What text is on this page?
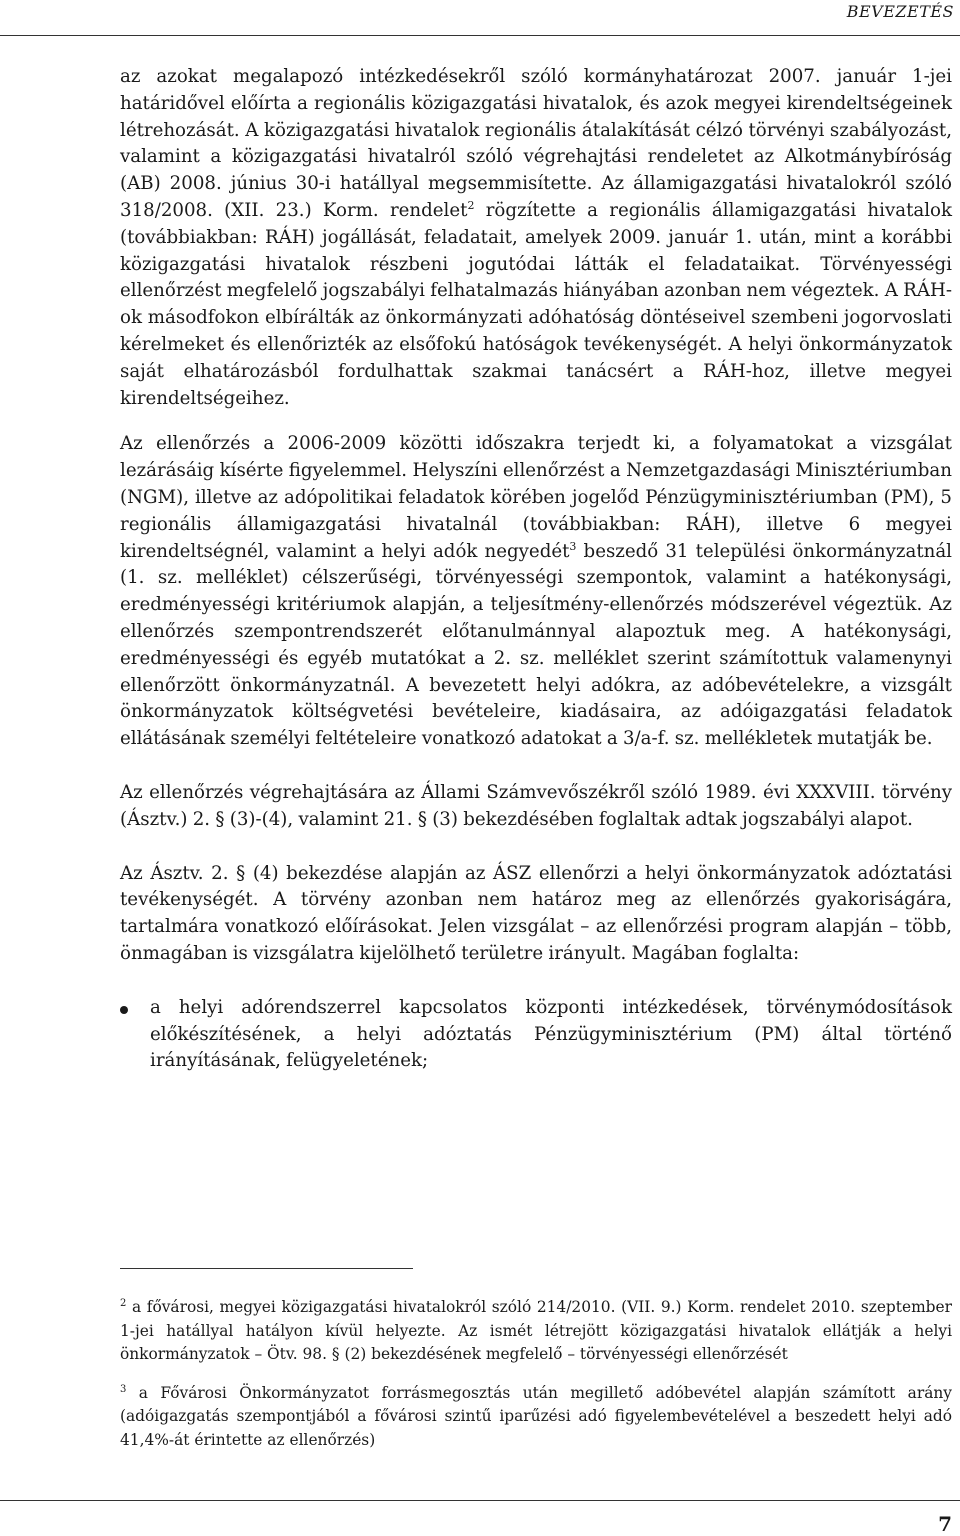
BEVEZETÉS

az azokat megalapozó intézkedésekről szóló kormányhatározat 2007. január 1-jei határidővel előírta a regionális közigazgatási hivatalok, és azok megyei kirendeltségeinek létrehozását. A közigazgatási hivatalok regionális átalakítását célzó törvényi szabályozást, valamint a közigazgatási hivatalról szóló végrehajtási rendeletet az Alkotmánybíróság (AB) 2008. június 30-i hatállyal megsemmisítette. Az államigazgatási hivatalokról szóló 318/2008. (XII. 23.) Korm. rendelet$^2$ rögzítette a regionális államigazgatási hivatalok (továbbiakban: RÁH) jogállását, feladatait, amelyek 2009. január 1. után, mint a korábbi közigazgatási hivatalok részbeni jogutódai látták el feladataikat. Törvényességi ellenőrzést megfelelő jogszabályi felhatalmazás hiányában azonban nem végeztek. A RÁH-ok másodfokon elbírálták az önkormányzati adóhatóság döntéseivel szembeni jogorvoslati kérelmeket és ellenőrizték az elsőfokú hatóságok tevékenységét. A helyi önkormányzatok saját elhatározásból fordulhattak szakmai tanácsért a RÁH-hoz, illetve megyei kirendeltségeihez.

Az ellenőrzés a 2006-2009 közötti időszakra terjedt ki, a folyamatokat a vizsgálat lezárásáig kísérte figyelemmel. Helyszíni ellenőrzést a Nemzetgazdasági Minisztériumban (NGM), illetve az adópolitikai feladatok körében jogelőd Pénzügyminisztériumban (PM), 5 regionális államigazgatási hivatalnál (továbbiakban: RÁH), illetve 6 megyei kirendeltségnél, valamint a helyi adók negyedét$^3$ beszedő 31 települési önkormányzatnál (1. sz. melléklet) célszerűségi, törvényességi szempontok, valamint a hatékonysági, eredményességi kritériumok alapján, a teljesítmény-ellenőrzés módszerével végeztük. Az ellenőrzés szempontrendszerét előtanulmánnyal alapoztuk meg. A hatékonysági, eredményességi és egyéb mutatókat a 2. sz. melléklet szerint számítottuk valamenynyi ellenőrzött önkormányzatnál. A bevezetett helyi adókra, az adóbevételekre, a vizsgált önkormányzatok költségvetési bevételeire, kiadásaira, az adóigazgatási feladatok ellátásának személyi feltételeire vonatkozó adatokat a 3/a-f. sz. mellékletek mutatják be.

Az ellenőrzés végrehajtására az Állami Számvevőszékről szóló 1989. évi XXXVIII. törvény (Ásztv.) 2. § (3)-(4), valamint 21. § (3) bekezdésében foglaltak adtak jogszabályi alapot.

Az Ásztv. 2. § (4) bekezdése alapján az ÁSZ ellenőrzi a helyi önkormányzatok adóztatási tevékenységét. A törvény azonban nem határoz meg az ellenőrzés gyakoriságára, tartalmára vonatkozó előírásokat. Jelen vizsgálat – az ellenőrzési program alapján – több, önmagában is vizsgálatra kijelölhető területre irányult. Magában foglalta:

a helyi adórendszerrel kapcsolatos központi intézkedések, törvénymódosítások előkészítésének, a helyi adóztatás Pénzügyminisztérium (PM) által történő irányításának, felügyeletének;

$^2$ a fővárosi, megyei közigazgatási hivatalokról szóló 214/2010. (VII. 9.) Korm. rendelet 2010. szeptember 1-jei hatállyal hatályon kívül helyezte. Az ismét létrejött közigazgatási hivatalok ellátják a helyi önkormányzatok – Ötv. 98. § (2) bekezdésének megfelelő – törvényességi ellenőrzését

$^3$ a Fővárosi Önkormányzatot forrásmegosztás után megillető adóbevétel alapján számított arány (adóigazgatás szempontjából a fővárosi szintű iparűzési adó figyelembevételével a beszedett helyi adó 41,4%-át érintette az ellenőrzés)

7
